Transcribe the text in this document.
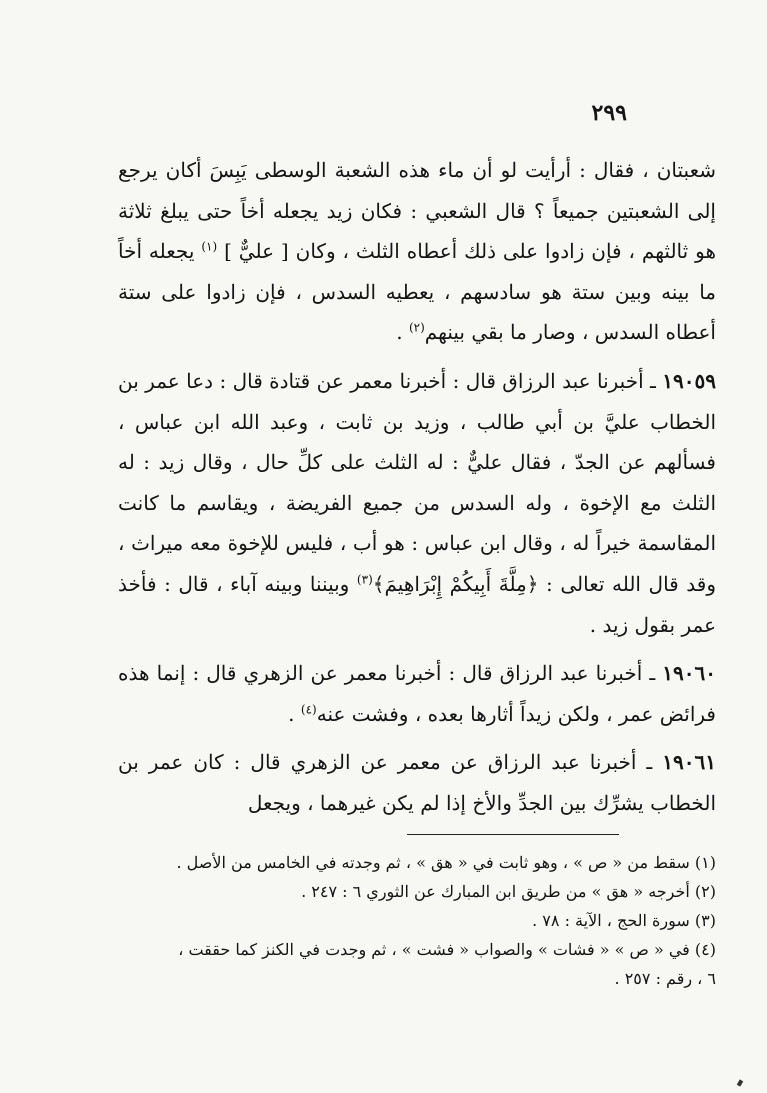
٢٩٩

شعبتان ، فقال : أرأيت لو أن ماء هذه الشعبة الوسطى يَبِسَ أكان يرجع إلى الشعبتين جميعاً ؟ قال الشعبي : فكان زيد يجعله أخاً حتى يبلغ ثلاثة هو ثالثهم ، فإن زادوا على ذلك أعطاه الثلث ، وكان [ عليٌّ ] $^{(١)}$ يجعله أخاً ما بينه وبين ستة هو سادسهم ، يعطيه السدس ، فإن زادوا على ستة أعطاه السدس ، وصار ما بقي بينهم$^{(٢)}$ .

١٩٠٥٩ ـ أخبرنا عبد الرزاق قال : أخبرنا معمر عن قتادة قال : دعا عمر بن الخطاب عليَّ بن أبي طالب ، وزيد بن ثابت ، وعبد الله ابن عباس ، فسألهم عن الجدّ ، فقال عليٌّ : له الثلث على كلِّ حال ، وقال زيد : له الثلث مع الإخوة ، وله السدس من جميع الفريضة ، ويقاسم ما كانت المقاسمة خيراً له ، وقال ابن عباس : هو أب ، فليس للإخوة معه ميراث ، وقد قال الله تعالى : ﴿مِلَّةَ أَبِيكُمْ إِبْرَاهِيمَ﴾$^{(٣)}$ وبيننا وبينه آباء ، قال : فأخذ عمر بقول زيد .

١٩٠٦٠ ـ أخبرنا عبد الرزاق قال : أخبرنا معمر عن الزهري قال : إنما هذه فرائض عمر ، ولكن زيداً أثارها بعده ، وفشت عنه$^{(٤)}$ .

١٩٠٦١ ـ أخبرنا عبد الرزاق عن معمر عن الزهري قال : كان عمر بن الخطاب يشرِّك بين الجدِّ والأخ إذا لم يكن غيرهما ، ويجعل

(١) سقط من « ص » ، وهو ثابت في « هق » ، ثم وجدته في الخامس من الأصل .

(٢) أخرجه « هق » من طريق ابن المبارك عن الثوري ٦ : ٢٤٧ .

(٣) سورة الحج ، الآية : ٧٨ .

(٤) في « ص » « فشات » والصواب « فشت » ، ثم وجدت في الكنز كما حققت ،

٦ ، رقم : ٢٥٧ .
